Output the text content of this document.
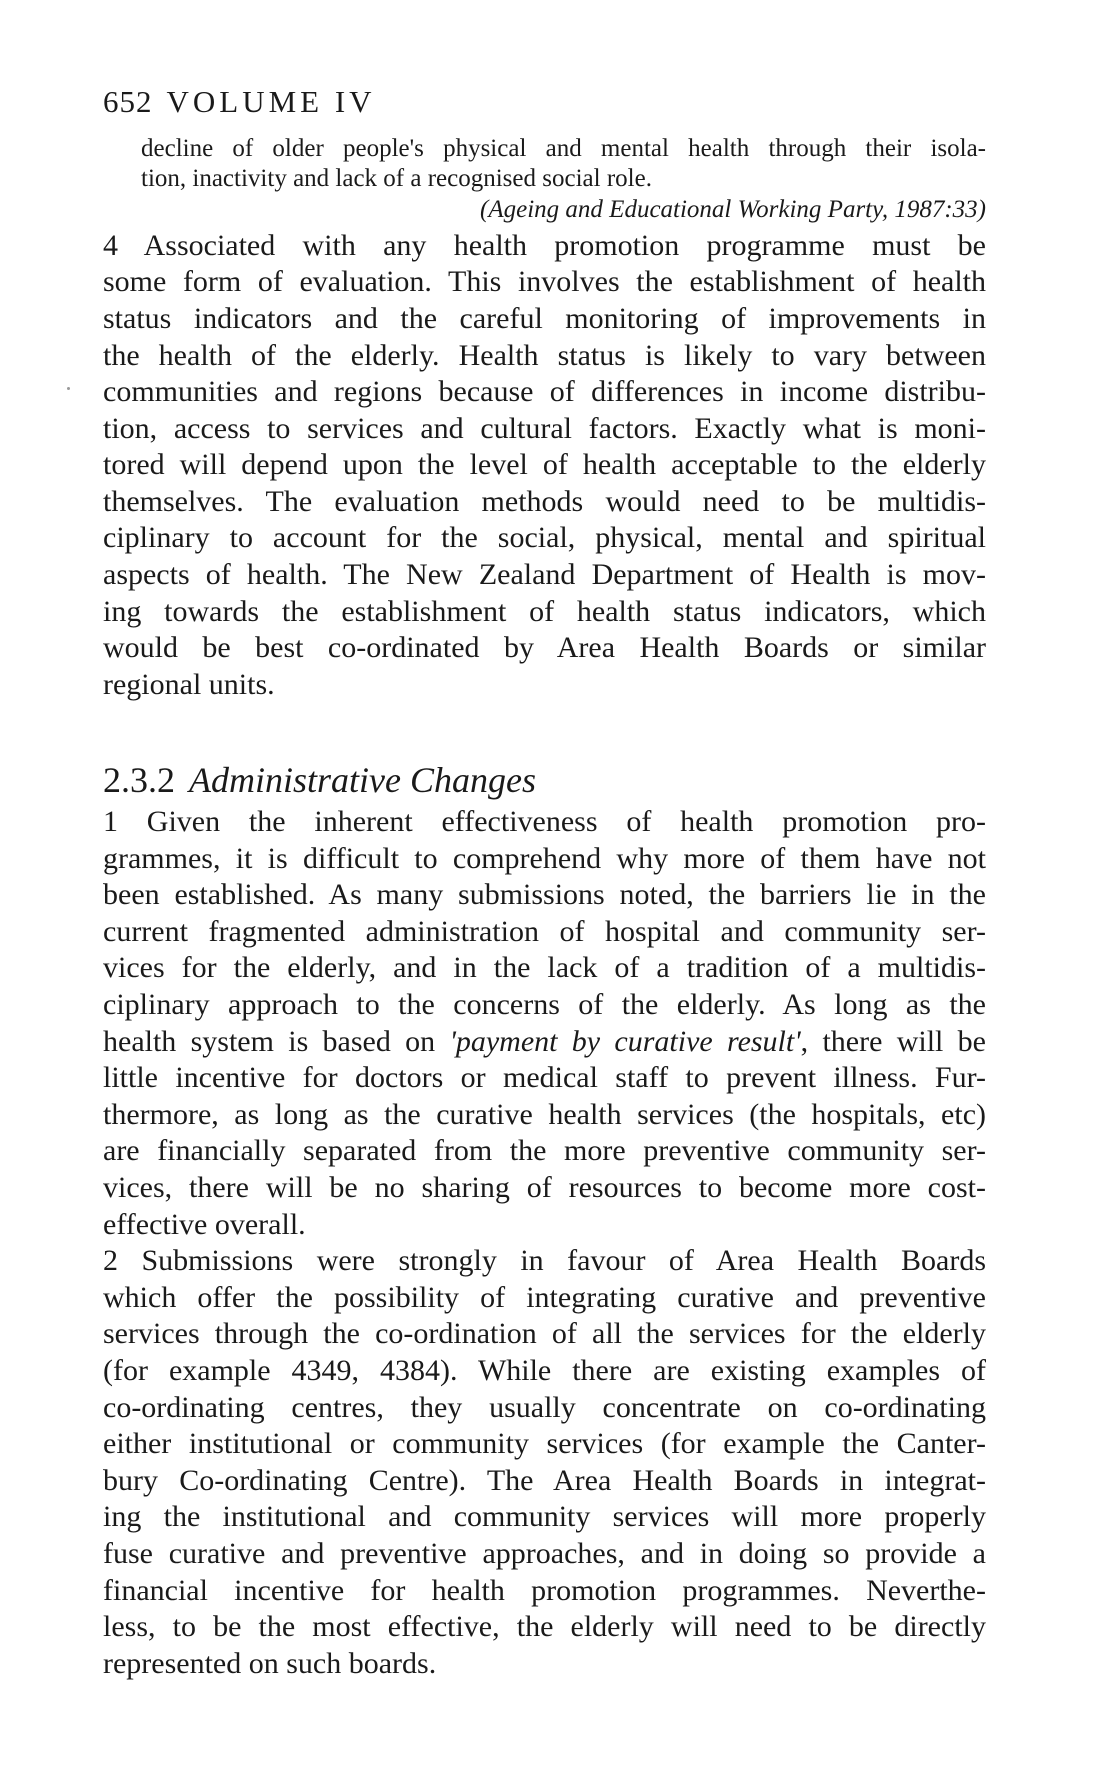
652 VOLUME IV
decline of older people's physical and mental health through their isola-
tion, inactivity and lack of a recognised social role.
(Ageing and Educational Working Party, 1987:33)
4 Associated with any health promotion programme must be
some form of evaluation. This involves the establishment of health
status indicators and the careful monitoring of improvements in
the health of the elderly. Health status is likely to vary between
communities and regions because of differences in income distribu-
tion, access to services and cultural factors. Exactly what is moni-
tored will depend upon the level of health acceptable to the elderly
themselves. The evaluation methods would need to be multidis-
ciplinary to account for the social, physical, mental and spiritual
aspects of health. The New Zealand Department of Health is mov-
ing towards the establishment of health status indicators, which
would be best co-ordinated by Area Health Boards or similar
regional units.
2.3.2 Administrative Changes
1 Given the inherent effectiveness of health promotion pro-
grammes, it is difficult to comprehend why more of them have not
been established. As many submissions noted, the barriers lie in the
current fragmented administration of hospital and community ser-
vices for the elderly, and in the lack of a tradition of a multidis-
ciplinary approach to the concerns of the elderly. As long as the
health system is based on 'payment by curative result', there will be
little incentive for doctors or medical staff to prevent illness. Fur-
thermore, as long as the curative health services (the hospitals, etc)
are financially separated from the more preventive community ser-
vices, there will be no sharing of resources to become more cost-
effective overall.
2 Submissions were strongly in favour of Area Health Boards
which offer the possibility of integrating curative and preventive
services through the co-ordination of all the services for the elderly
(for example 4349, 4384). While there are existing examples of
co-ordinating centres, they usually concentrate on co-ordinating
either institutional or community services (for example the Canter-
bury Co-ordinating Centre). The Area Health Boards in integrat-
ing the institutional and community services will more properly
fuse curative and preventive approaches, and in doing so provide a
financial incentive for health promotion programmes. Neverthe-
less, to be the most effective, the elderly will need to be directly
represented on such boards.
